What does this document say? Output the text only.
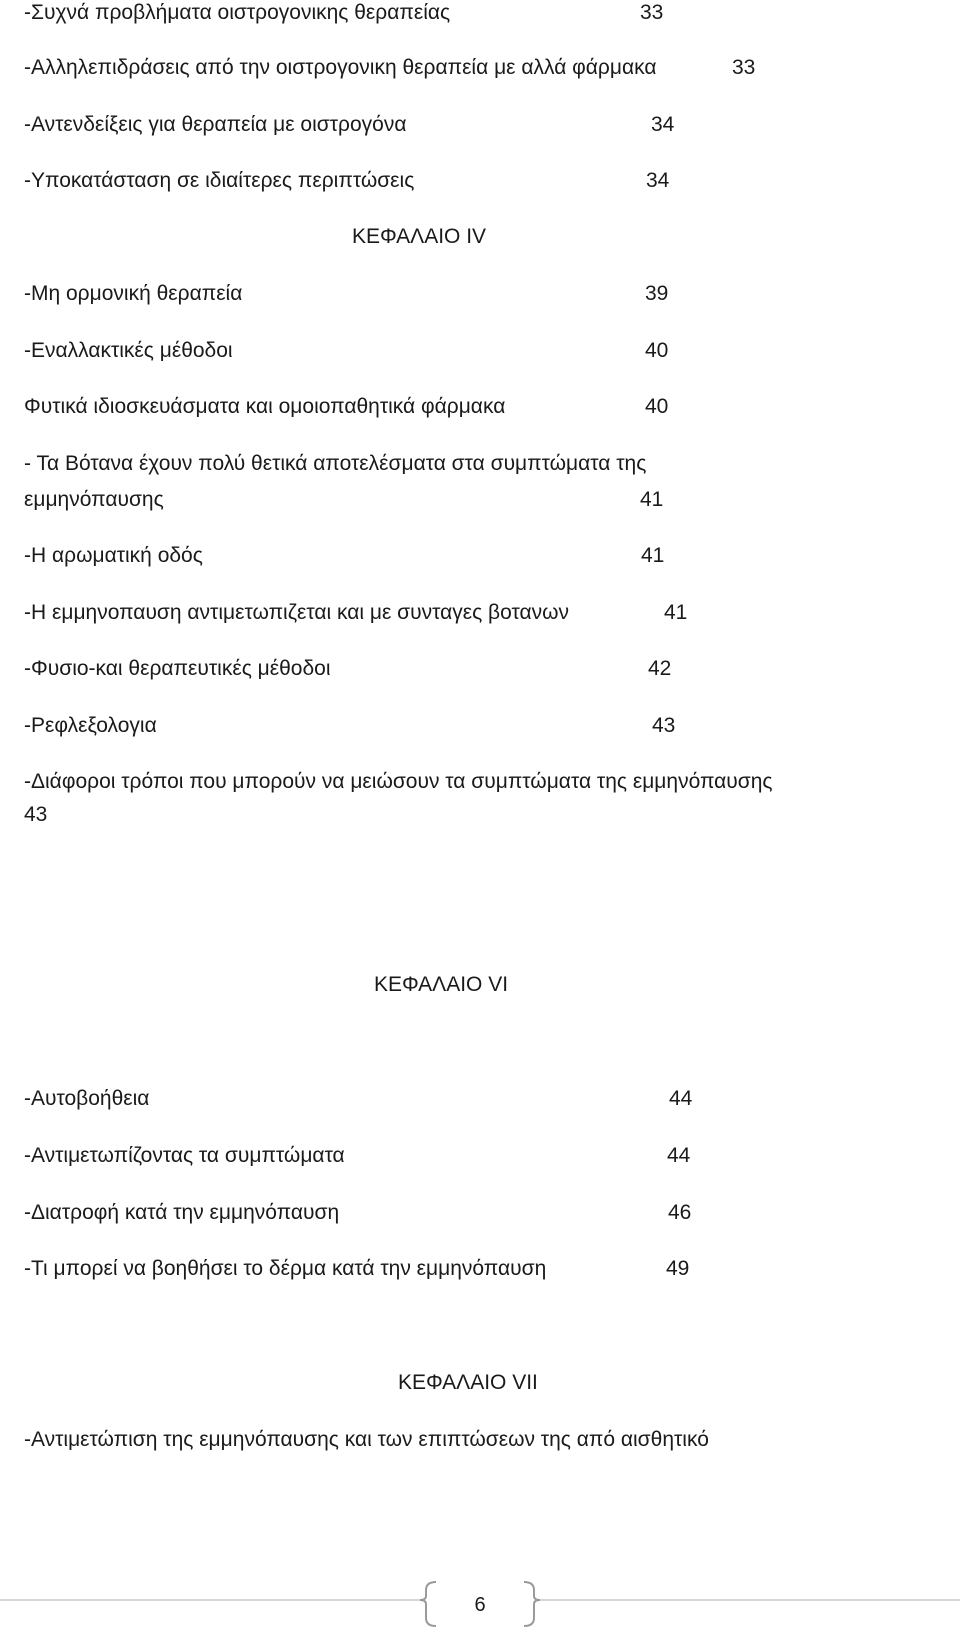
-Συχνά προβλήματα οιστρογονικης θεραπείας	33
-Αλληλεπιδράσεις από την οιστρογονικη θεραπεία με αλλά φάρμακα	33
-Αντενδείξεις για θεραπεία με οιστρογόνα	34
-Υποκατάσταση σε ιδιαίτερες περιπτώσεις	34
ΚΕΦΑΛΑΙΟ IV
-Μη ορμονική θεραπεία	39
-Εναλλακτικές μέθοδοι	40
Φυτικά ιδιοσκευάσματα και ομοιοπαθητικά φάρμακα	40
- Τα Βότανα έχουν πολύ θετικά αποτελέσματα στα συμπτώματα της
εμμηνόπαυσης	41
-Η αρωματική οδός	41
-Η εμμηνοπαυση αντιμετωπιζεται και με συνταγες βοτανων	41
-Φυσιο-και θεραπευτικές μέθοδοι	42
-Ρεφλεξολογια	43
-Διάφοροι τρόποι που μπορούν να μειώσουν τα συμπτώματα της εμμηνόπαυσης
43
ΚΕΦΑΛΑΙΟ VI
-Αυτοβοήθεια	44
-Αντιμετωπίζοντας τα συμπτώματα	44
-Διατροφή κατά την εμμηνόπαυση	46
-Τι μπορεί να βοηθήσει το δέρμα κατά την εμμηνόπαυση	49
ΚΕΦΑΛΑΙΟ VII
-Αντιμετώπιση της εμμηνόπαυσης και των επιπτώσεων της από αισθητικό
6
